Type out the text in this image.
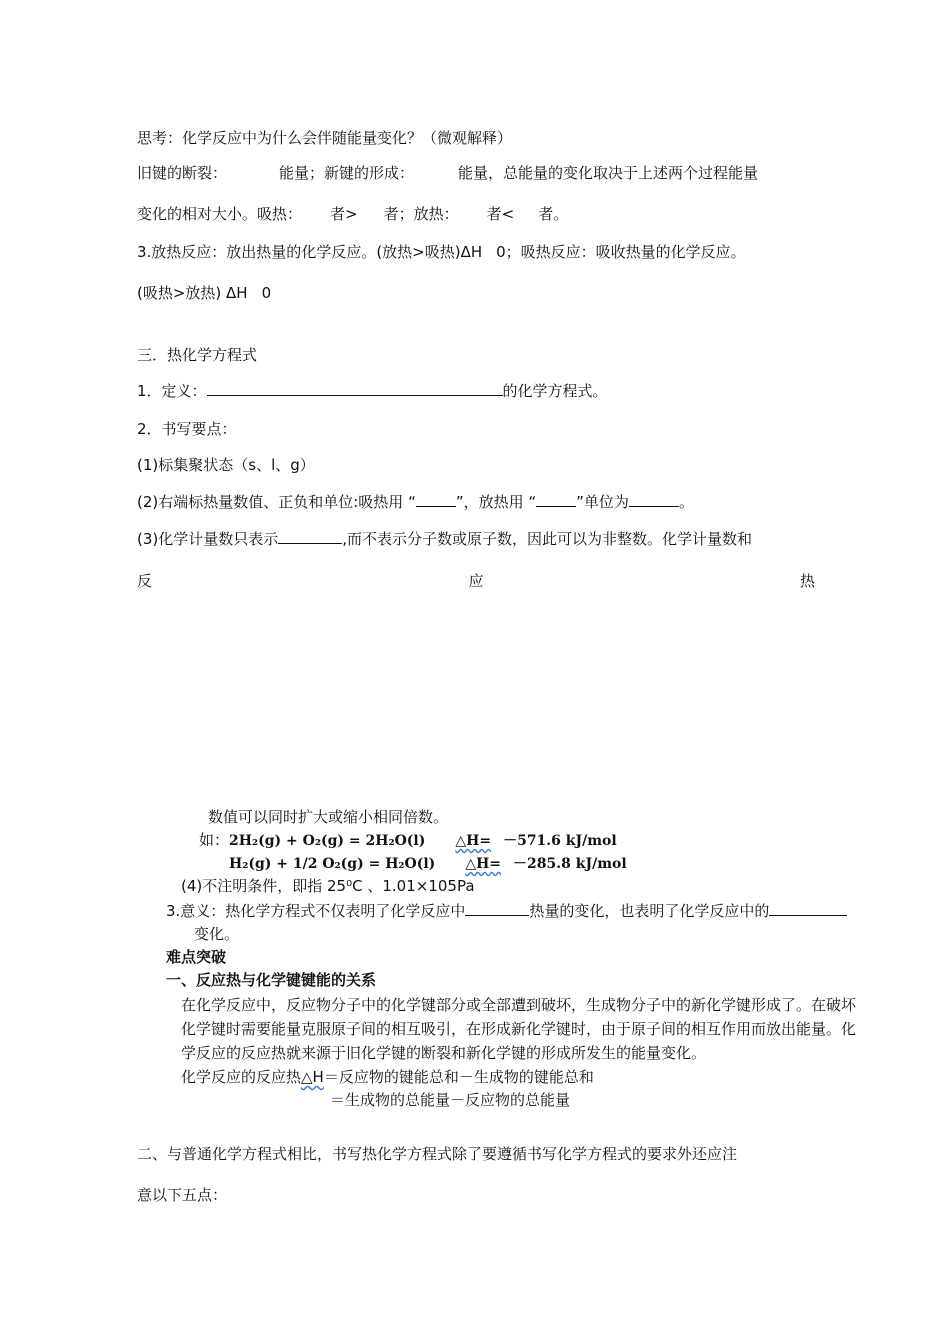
思考：化学反应中为什么会伴随能量变化？（微观解释）
旧键的断裂：	能量；新键的形成：	能量，总能量的变化取决于上述两个过程能量
变化的相对大小。吸热： 者> 者；放热： 者< 者。
3.放热反应：放出热量的化学反应。(放热>吸热)ΔH 0；吸热反应：吸收热量的化学反应。
(吸热>放热) ΔH 0
三．热化学方程式
1．定义：	的化学方程式。
2．书写要点：
(1)标集聚状态（s、l、g）
(2)右端标热量数值、正负和单位:吸热用 “	”，放热用 “	”单位为	。
(3)化学计量数只表示	,而不表示分子数或原子数，因此可以为非整数。化学计量数和
反	应	热
数值可以同时扩大或缩小相同倍数。
如：2H₂(g) + O₂(g) = 2H₂O(l) △H= －571.6 kJ/mol
H₂(g) + 1/2 O₂(g) = H₂O(l) △H= －285.8 kJ/mol
(4)不注明条件，即指 25⁰C 、1.01×105Pa
3.意义：热化学方程式不仅表明了化学反应中	热量的变化，也表明了化学反应中的
变化。
难点突破
一、反应热与化学键键能的关系
在化学反应中，反应物分子中的化学键部分或全部遭到破坏，生成物分子中的新化学键形成了。在破坏
化学键时需要能量克服原子间的相互吸引，在形成新化学键时，由于原子间的相互作用而放出能量。化
学反应的反应热就来源于旧化学键的断裂和新化学键的形成所发生的能量变化。
化学反应的反应热△H＝反应物的键能总和－生成物的键能总和
＝生成物的总能量－反应物的总能量
二、与普通化学方程式相比，书写热化学方程式除了要遵循书写化学方程式的要求外还应注
意以下五点：
